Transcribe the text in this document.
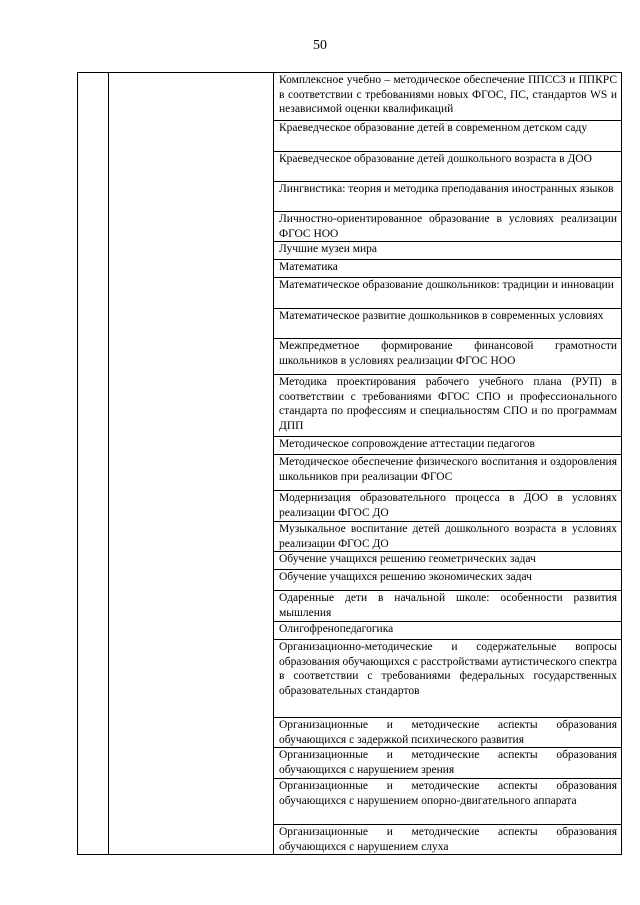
50

Комплексное учебно – методическое обеспечение ППССЗ и ППКРС в соответствии с требованиями новых ФГОС, ПС, стандартов WS и независимой оценки квалификаций

Краеведческое образование детей в современном детском саду

Краеведческое образование детей дошкольного возраста в ДОО

Лингвистика: теория и методика преподавания иностранных языков

Личностно-ориентированное образование в условиях реализации ФГОС НОО

Лучшие музеи мира

Математика

Математическое образование дошкольников: традиции и инновации

Математическое развитие дошкольников в современных условиях

Межпредметное формирование финансовой грамотности школьников в условиях реализации ФГОС НОО

Методика проектирования рабочего учебного плана (РУП) в соответствии с требованиями ФГОС СПО и профессионального стандарта по профессиям и специальностям СПО и по программам ДПП

Методическое сопровождение аттестации педагогов

Методическое обеспечение физического воспитания и оздоровления школьников при реализации ФГОС

Модернизация образовательного процесса в ДОО в условиях реализации ФГОС ДО

Музыкальное воспитание детей дошкольного возраста в условиях реализации ФГОС ДО

Обучение учащихся решению геометрических задач

Обучение учащихся решению экономических задач

Одаренные дети в начальной школе: особенности развития мышления

Олигофренопедагогика

Организационно-методические и содержательные вопросы образования обучающихся с расстройствами аутистического спектра в соответствии с требованиями федеральных государственных образовательных стандартов

Организационные и методические аспекты образования обучающихся с задержкой психического развития

Организационные и методические аспекты образования обучающихся с нарушением зрения

Организационные и методические аспекты образования обучающихся с нарушением опорно-двигательного аппарата

Организационные и методические аспекты образования обучающихся с нарушением слуха
